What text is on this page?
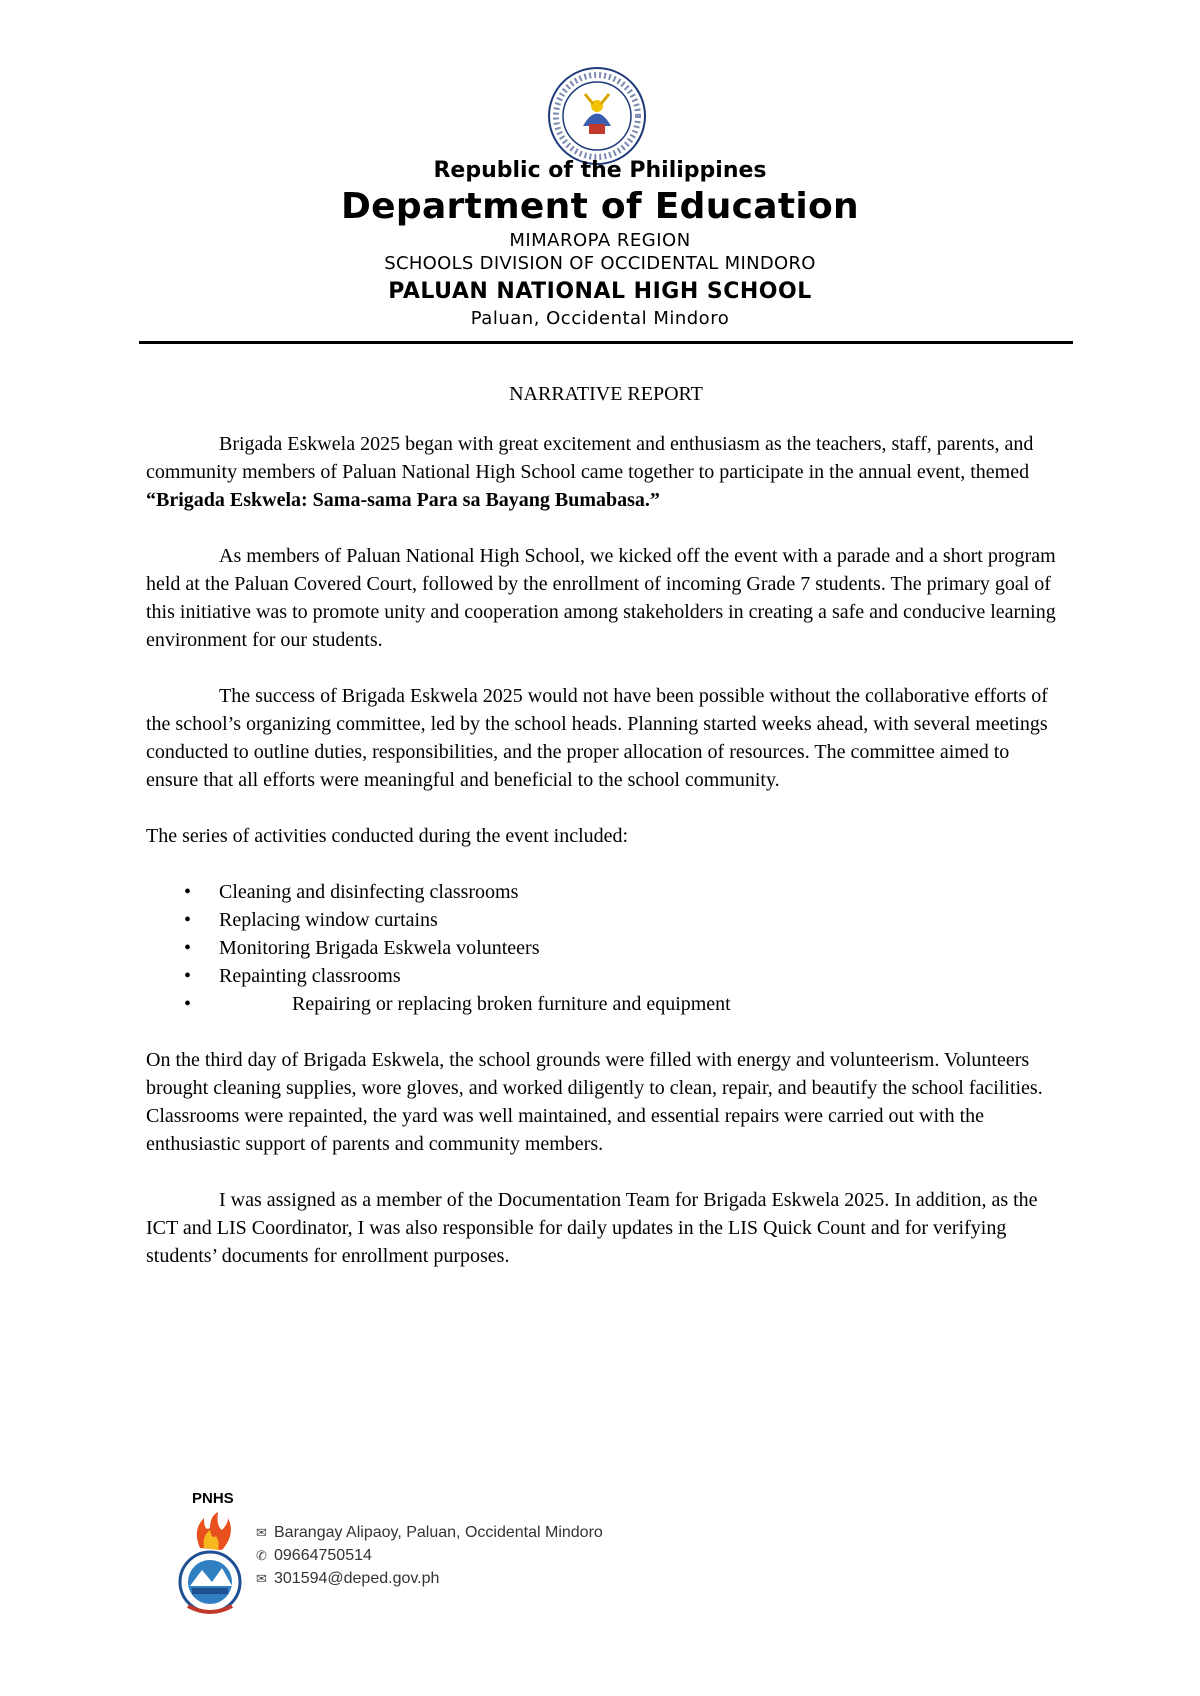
Republic of the Philippines
Department of Education
MIMAROPA REGION
SCHOOLS DIVISION OF OCCIDENTAL MINDORO
PALUAN NATIONAL HIGH SCHOOL
Paluan, Occidental Mindoro
NARRATIVE REPORT

Brigada Eskwela 2025 began with great excitement and enthusiasm as the teachers, staff, parents, and community members of Paluan National High School came together to participate in the annual event, themed “Brigada Eskwela: Sama-sama Para sa Bayang Bumabasa.”

As members of Paluan National High School, we kicked off the event with a parade and a short program held at the Paluan Covered Court, followed by the enrollment of incoming Grade 7 students. The primary goal of this initiative was to promote unity and cooperation among stakeholders in creating a safe and conducive learning environment for our students.

The success of Brigada Eskwela 2025 would not have been possible without the collaborative efforts of the school’s organizing committee, led by the school heads. Planning started weeks ahead, with several meetings conducted to outline duties, responsibilities, and the proper allocation of resources. The committee aimed to ensure that all efforts were meaningful and beneficial to the school community.

The series of activities conducted during the event included:

• Cleaning and disinfecting classrooms
• Replacing window curtains
• Monitoring Brigada Eskwela volunteers
• Repainting classrooms
• Repairing or replacing broken furniture and equipment

On the third day of Brigada Eskwela, the school grounds were filled with energy and volunteerism. Volunteers brought cleaning supplies, wore gloves, and worked diligently to clean, repair, and beautify the school facilities. Classrooms were repainted, the yard was well maintained, and essential repairs were carried out with the enthusiastic support of parents and community members.

I was assigned as a member of the Documentation Team for Brigada Eskwela 2025. In addition, as the ICT and LIS Coordinator, I was also responsible for daily updates in the LIS Quick Count and for verifying students’ documents for enrollment purposes.

PNHS
✉ Barangay Alipaoy, Paluan, Occidental Mindoro
✆ 09664750514
✉ 301594@deped.gov.ph
